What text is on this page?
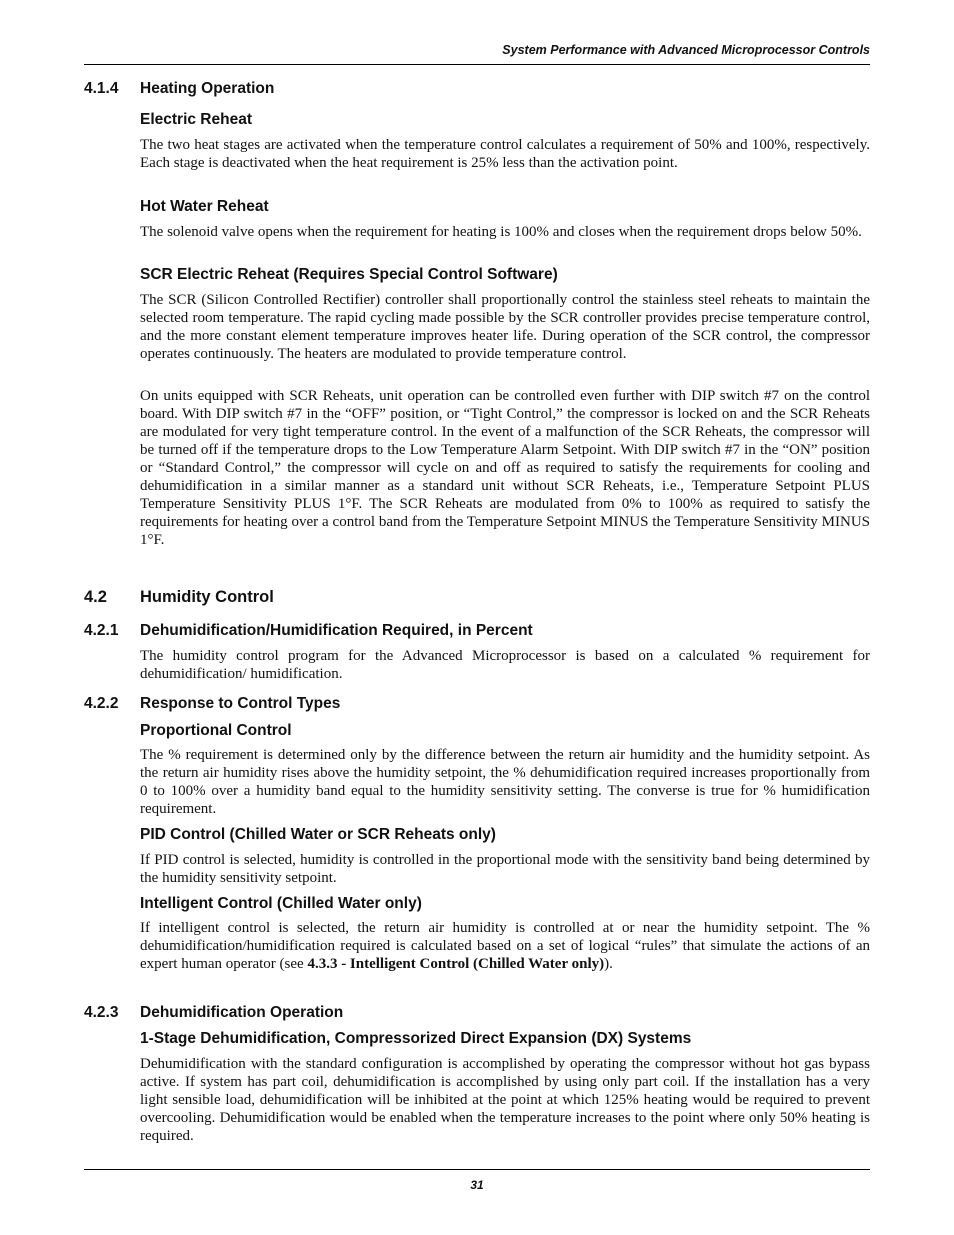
System Performance with Advanced Microprocessor Controls
4.1.4 Heating Operation
Electric Reheat
The two heat stages are activated when the temperature control calculates a requirement of 50% and 100%, respectively. Each stage is deactivated when the heat requirement is 25% less than the activation point.
Hot Water Reheat
The solenoid valve opens when the requirement for heating is 100% and closes when the requirement drops below 50%.
SCR Electric Reheat (Requires Special Control Software)
The SCR (Silicon Controlled Rectifier) controller shall proportionally control the stainless steel reheats to maintain the selected room temperature. The rapid cycling made possible by the SCR controller provides precise temperature control, and the more constant element temperature improves heater life. During operation of the SCR control, the compressor operates continuously. The heaters are modulated to provide temperature control.
On units equipped with SCR Reheats, unit operation can be controlled even further with DIP switch #7 on the control board. With DIP switch #7 in the “OFF” position, or “Tight Control,” the compressor is locked on and the SCR Reheats are modulated for very tight temperature control. In the event of a malfunction of the SCR Reheats, the compressor will be turned off if the temperature drops to the Low Temperature Alarm Setpoint. With DIP switch #7 in the “ON” position or “Standard Control,” the compressor will cycle on and off as required to satisfy the requirements for cooling and dehumidification in a similar manner as a standard unit without SCR Reheats, i.e., Temperature Setpoint PLUS Temperature Sensitivity PLUS 1°F. The SCR Reheats are modulated from 0% to 100% as required to satisfy the requirements for heating over a control band from the Temperature Setpoint MINUS the Temperature Sensitivity MINUS 1°F.
4.2 Humidity Control
4.2.1 Dehumidification/Humidification Required, in Percent
The humidity control program for the Advanced Microprocessor is based on a calculated % requirement for dehumidification/ humidification.
4.2.2 Response to Control Types
Proportional Control
The % requirement is determined only by the difference between the return air humidity and the humidity setpoint. As the return air humidity rises above the humidity setpoint, the % dehumidification required increases proportionally from 0 to 100% over a humidity band equal to the humidity sensitivity setting. The converse is true for % humidification requirement.
PID Control (Chilled Water or SCR Reheats only)
If PID control is selected, humidity is controlled in the proportional mode with the sensitivity band being determined by the humidity sensitivity setpoint.
Intelligent Control (Chilled Water only)
If intelligent control is selected, the return air humidity is controlled at or near the humidity setpoint. The % dehumidification/humidification required is calculated based on a set of logical “rules” that simulate the actions of an expert human operator (see 4.3.3 - Intelligent Control (Chilled Water only)).
4.2.3 Dehumidification Operation
1-Stage Dehumidification, Compressorized Direct Expansion (DX) Systems
Dehumidification with the standard configuration is accomplished by operating the compressor without hot gas bypass active. If system has part coil, dehumidification is accomplished by using only part coil. If the installation has a very light sensible load, dehumidification will be inhibited at the point at which 125% heating would be required to prevent overcooling. Dehumidification would be enabled when the temperature increases to the point where only 50% heating is required.
31
